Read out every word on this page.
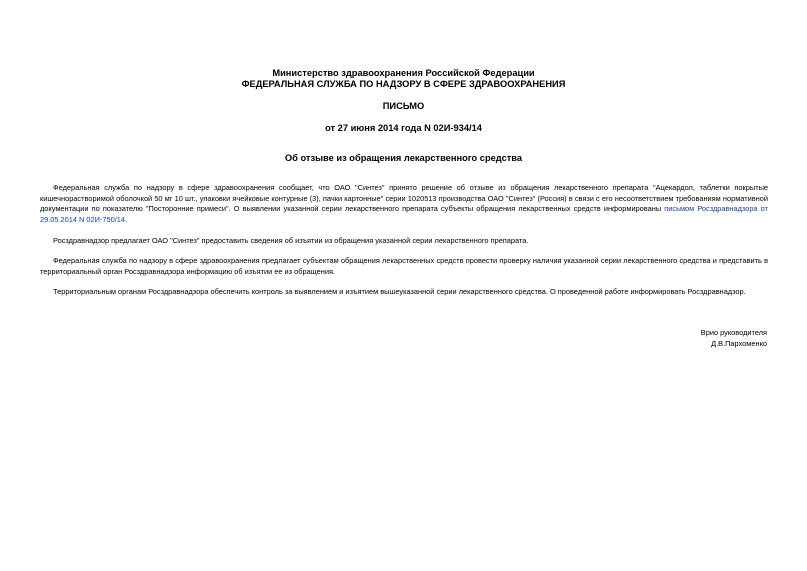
Министерство здравоохранения Российской Федерации
ФЕДЕРАЛЬНАЯ СЛУЖБА ПО НАДЗОРУ В СФЕРЕ ЗДРАВООХРАНЕНИЯ
ПИСЬМО
от 27 июня 2014 года N 02И-934/14
Об отзыве из обращения лекарственного средства

Федеральная служба по надзору в сфере здравоохранения сообщает, что ОАО "Синтез" принято решение об отзыве из обращения лекарственного препарата "Ацекардол, таблетки покрытые кишечнорастворимой оболочкой 50 мг 10 шт., упаковки ячейковые контурные (3), пачки картонные" серии 1020513 производства ОАО "Синтез" (Россия) в связи с его несоответствием требованиям нормативной документации по показателю "Посторонние примеси". О выявлении указанной серии лекарственного препарата субъекты обращения лекарственных средств информированы письмом Росздравнадзора от 29.05.2014 N 02И-750/14.

Росздравнадзор предлагает ОАО "Синтез" предоставить сведения об изъятии из обращения указанной серии лекарственного препарата.

Федеральная служба по надзору в сфере здравоохранения предлагает субъектам обращения лекарственных средств провести проверку наличия указанной серии лекарственного средства и представить в территориальный орган Росздравнадзора информацию об изъятии ее из обращения.

Территориальным органам Росздравнадзора обеспечить контроль за выявлением и изъятием вышеуказанной серии лекарственного средства. О проведенной работе информировать Росздравнадзор.

Врио руководителя
Д.В.Пархоменко
